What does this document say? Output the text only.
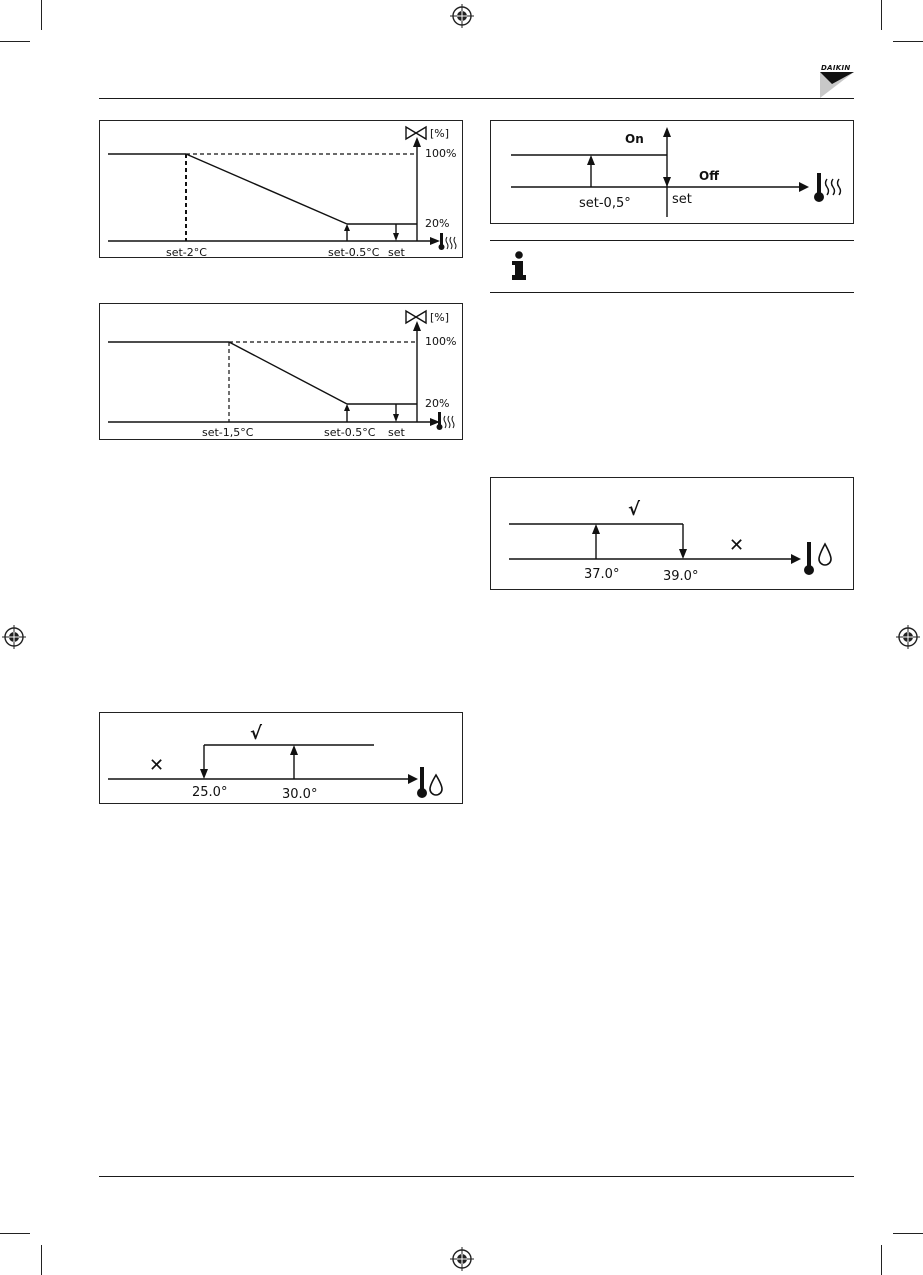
DAIKIN
[%]
100%
20%
set-2°C	set-0.5°C set
[%]
100%
20%
set-1,5°C	set-0.5°C set
√
✕
25.0°	30.0°
On
Off
set-0,5°	set
√
✕
37.0°	39.0°
